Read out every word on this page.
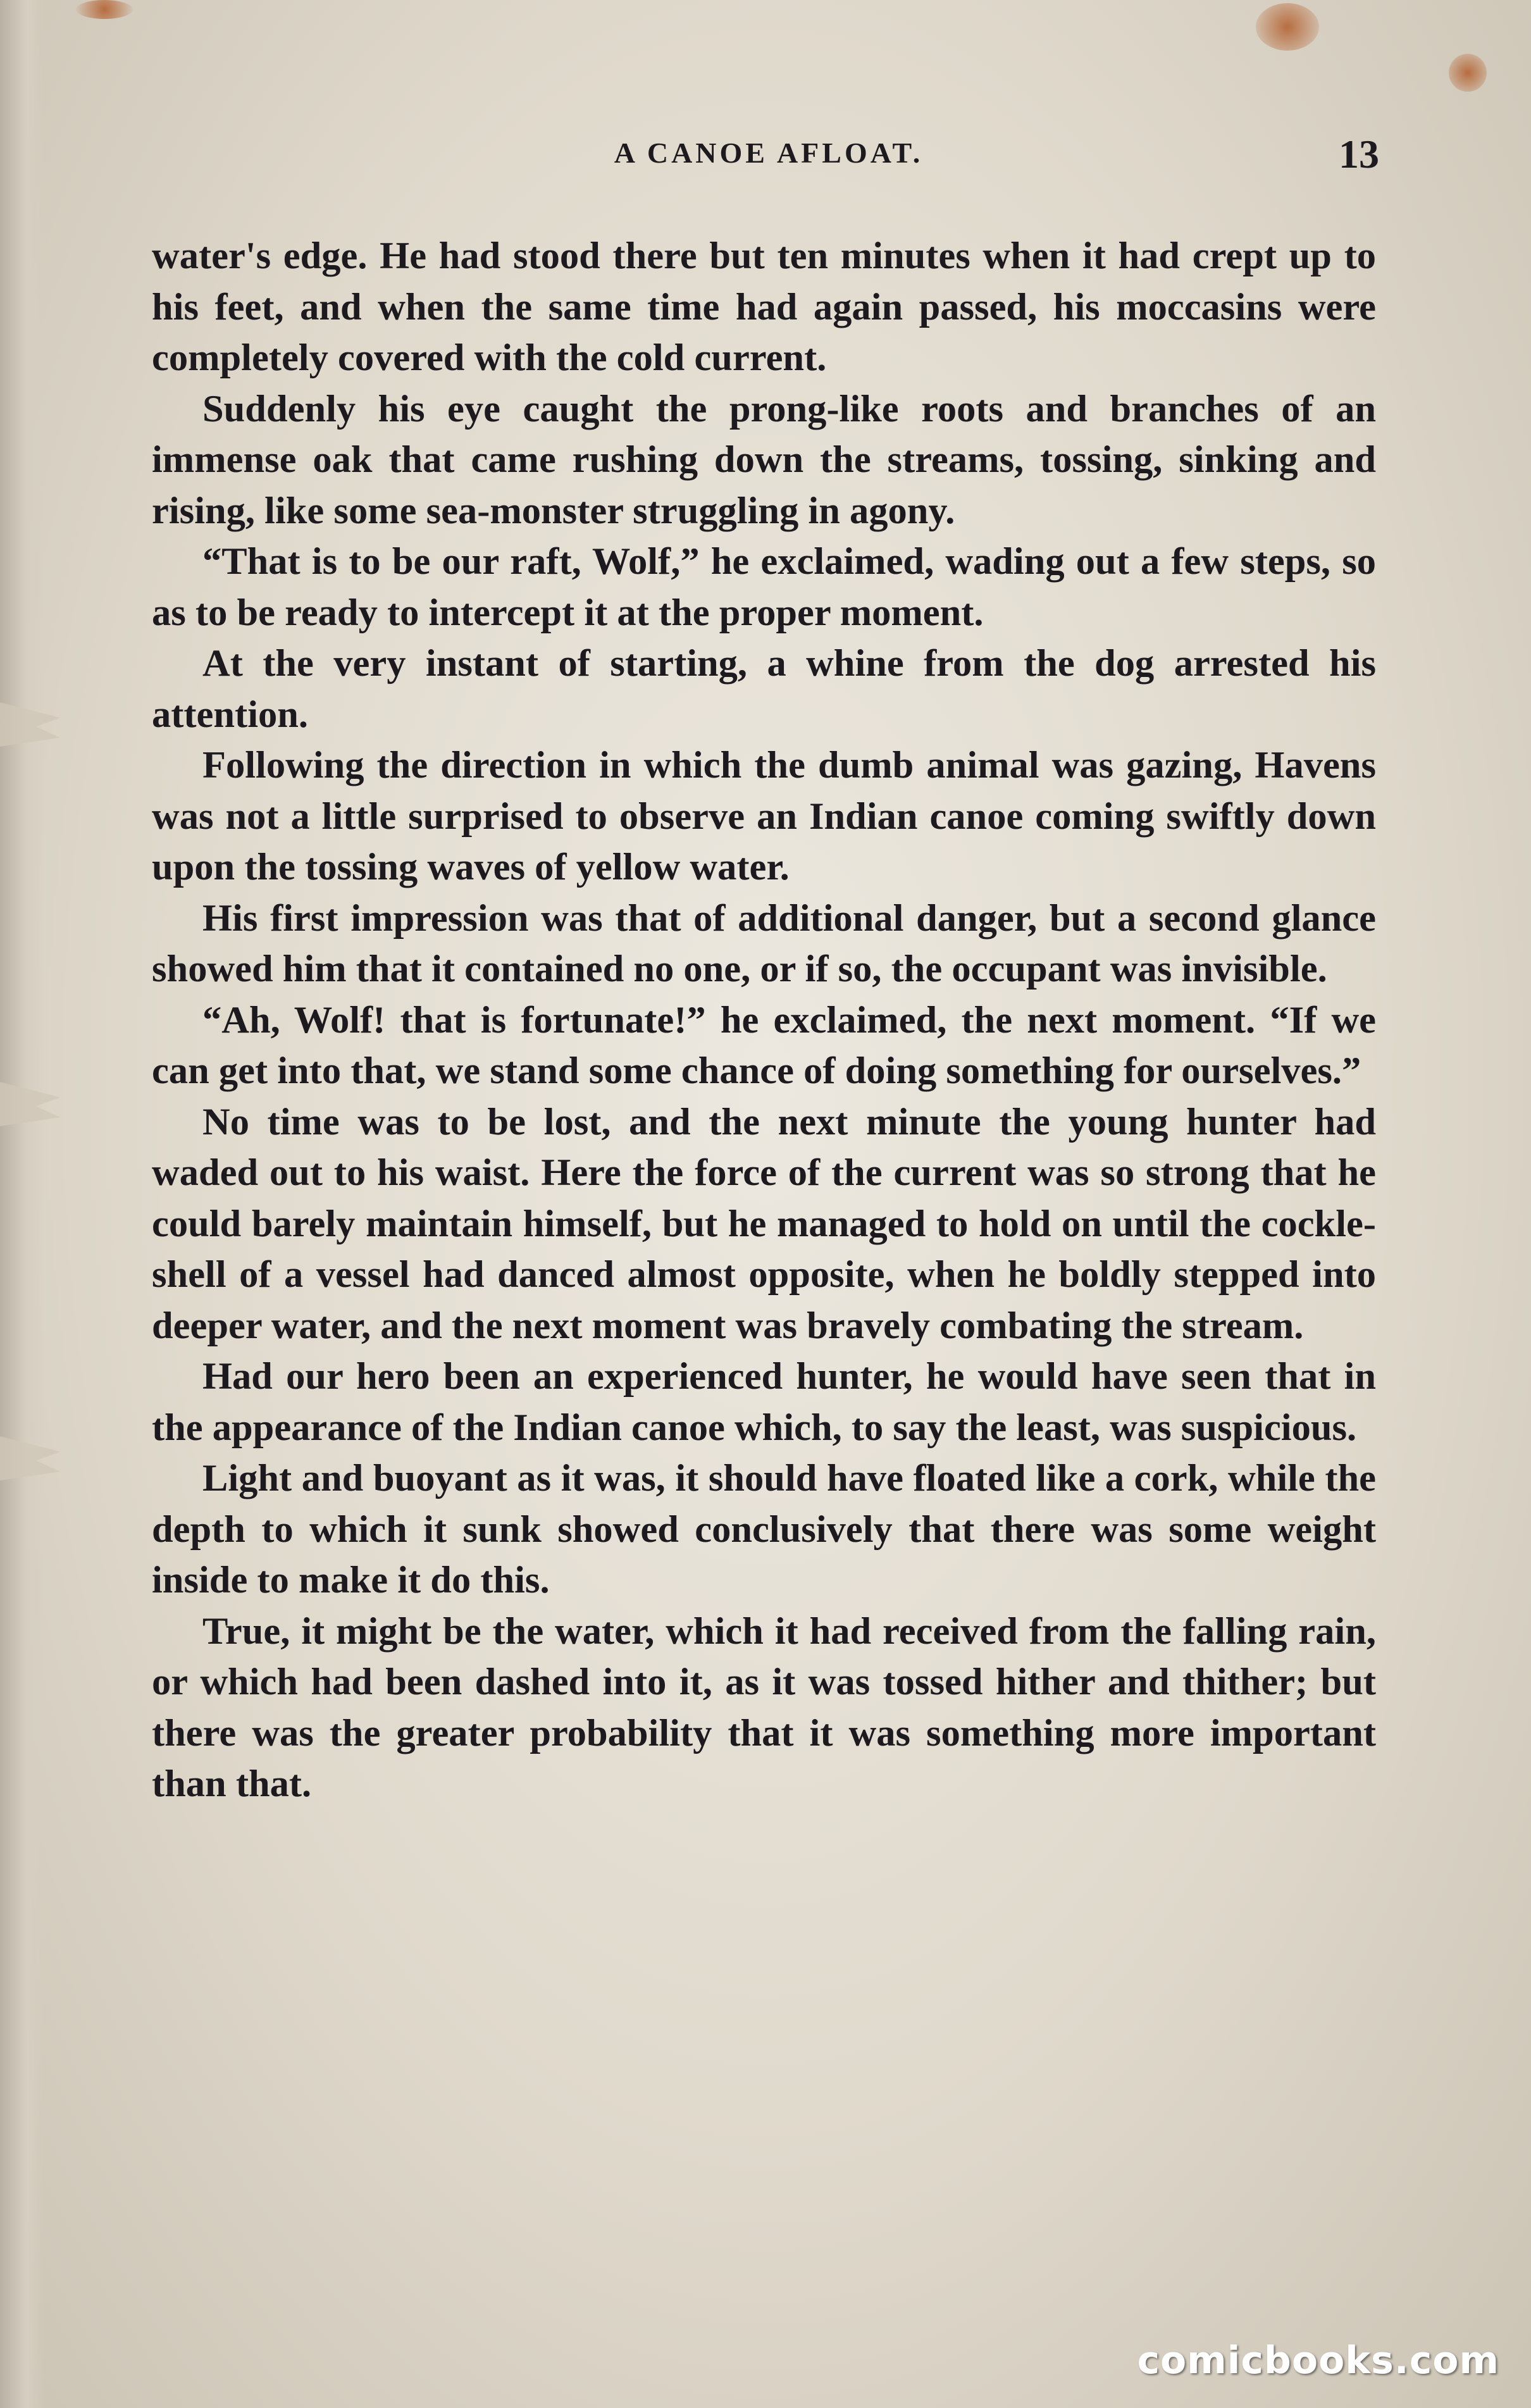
A CANOE AFLOAT.	13

water's edge. He had stood there but ten minutes when it had crept up to his feet, and when the same time had again passed, his moccasins were completely covered with the cold current.

Suddenly his eye caught the prong-like roots and branches of an immense oak that came rushing down the streams, tossing, sinking and rising, like some sea-monster struggling in agony.

“That is to be our raft, Wolf,” he exclaimed, wading out a few steps, so as to be ready to intercept it at the proper moment.

At the very instant of starting, a whine from the dog arrested his attention.

Following the direction in which the dumb animal was gazing, Havens was not a little surprised to observe an Indian canoe coming swiftly down upon the tossing waves of yellow water.

His first impression was that of additional danger, but a second glance showed him that it contained no one, or if so, the occupant was invisible.

“Ah, Wolf! that is fortunate!” he exclaimed, the next moment. “If we can get into that, we stand some chance of doing something for ourselves.”

No time was to be lost, and the next minute the young hunter had waded out to his waist. Here the force of the current was so strong that he could barely maintain himself, but he managed to hold on until the cockle-shell of a vessel had danced almost opposite, when he boldly stepped into deeper water, and the next moment was bravely combating the stream.

Had our hero been an experienced hunter, he would have seen that in the appearance of the Indian canoe which, to say the least, was suspicious.

Light and buoyant as it was, it should have floated like a cork, while the depth to which it sunk showed conclusively that there was some weight inside to make it do this.

True, it might be the water, which it had received from the falling rain, or which had been dashed into it, as it was tossed hither and thither; but there was the greater probability that it was something more important than that.

comicbooks.com
